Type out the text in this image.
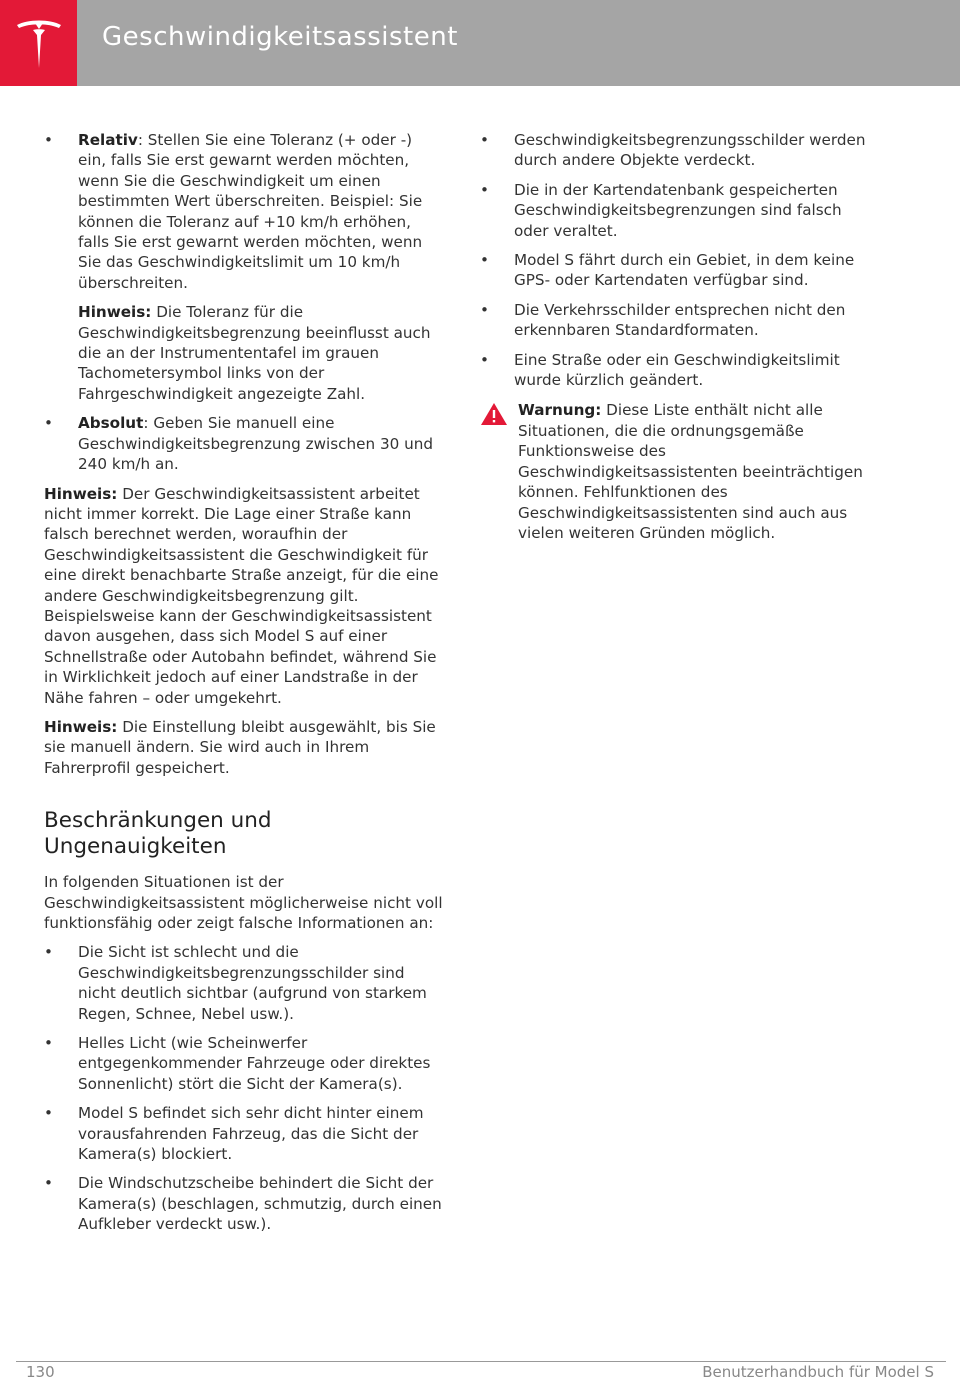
Geschwindigkeitsassistent
• Relativ: Stellen Sie eine Toleranz (+ oder -) ein, falls Sie erst gewarnt werden möchten, wenn Sie die Geschwindigkeit um einen bestimmten Wert überschreiten. Beispiel: Sie können die Toleranz auf +10 km/h erhöhen, falls Sie erst gewarnt werden möchten, wenn Sie das Geschwindigkeitslimit um 10 km/h überschreiten.

Hinweis: Die Toleranz für die Geschwindigkeitsbegrenzung beeinflusst auch die an der Instrumententafel im grauen Tachometersymbol links von der Fahrgeschwindigkeit angezeigte Zahl.

• Absolut: Geben Sie manuell eine Geschwindigkeitsbegrenzung zwischen 30 und 240 km/h an.

Hinweis: Der Geschwindigkeitsassistent arbeitet nicht immer korrekt. Die Lage einer Straße kann falsch berechnet werden, woraufhin der Geschwindigkeitsassistent die Geschwindigkeit für eine direkt benachbarte Straße anzeigt, für die eine andere Geschwindigkeitsbegrenzung gilt. Beispielsweise kann der Geschwindigkeitsassistent davon ausgehen, dass sich Model S auf einer Schnellstraße oder Autobahn befindet, während Sie in Wirklichkeit jedoch auf einer Landstraße in der Nähe fahren – oder umgekehrt.

Hinweis: Die Einstellung bleibt ausgewählt, bis Sie sie manuell ändern. Sie wird auch in Ihrem Fahrerprofil gespeichert.

Beschränkungen und Ungenauigkeiten

In folgenden Situationen ist der Geschwindigkeitsassistent möglicherweise nicht voll funktionsfähig oder zeigt falsche Informationen an:

• Die Sicht ist schlecht und die Geschwindigkeitsbegrenzungsschilder sind nicht deutlich sichtbar (aufgrund von starkem Regen, Schnee, Nebel usw.).
• Helles Licht (wie Scheinwerfer entgegenkommender Fahrzeuge oder direktes Sonnenlicht) stört die Sicht der Kamera(s).
• Model S befindet sich sehr dicht hinter einem vorausfahrenden Fahrzeug, das die Sicht der Kamera(s) blockiert.
• Die Windschutzscheibe behindert die Sicht der Kamera(s) (beschlagen, schmutzig, durch einen Aufkleber verdeckt usw.).
• Geschwindigkeitsbegrenzungsschilder werden durch andere Objekte verdeckt.
• Die in der Kartendatenbank gespeicherten Geschwindigkeitsbegrenzungen sind falsch oder veraltet.
• Model S fährt durch ein Gebiet, in dem keine GPS- oder Kartendaten verfügbar sind.
• Die Verkehrsschilder entsprechen nicht den erkennbaren Standardformaten.
• Eine Straße oder ein Geschwindigkeitslimit wurde kürzlich geändert.
Warnung: Diese Liste enthält nicht alle Situationen, die die ordnungsgemäße Funktionsweise des Geschwindigkeitsassistenten beeinträchtigen können. Fehlfunktionen des Geschwindigkeitsassistenten sind auch aus vielen weiteren Gründen möglich.
130	Benutzerhandbuch für Model S
